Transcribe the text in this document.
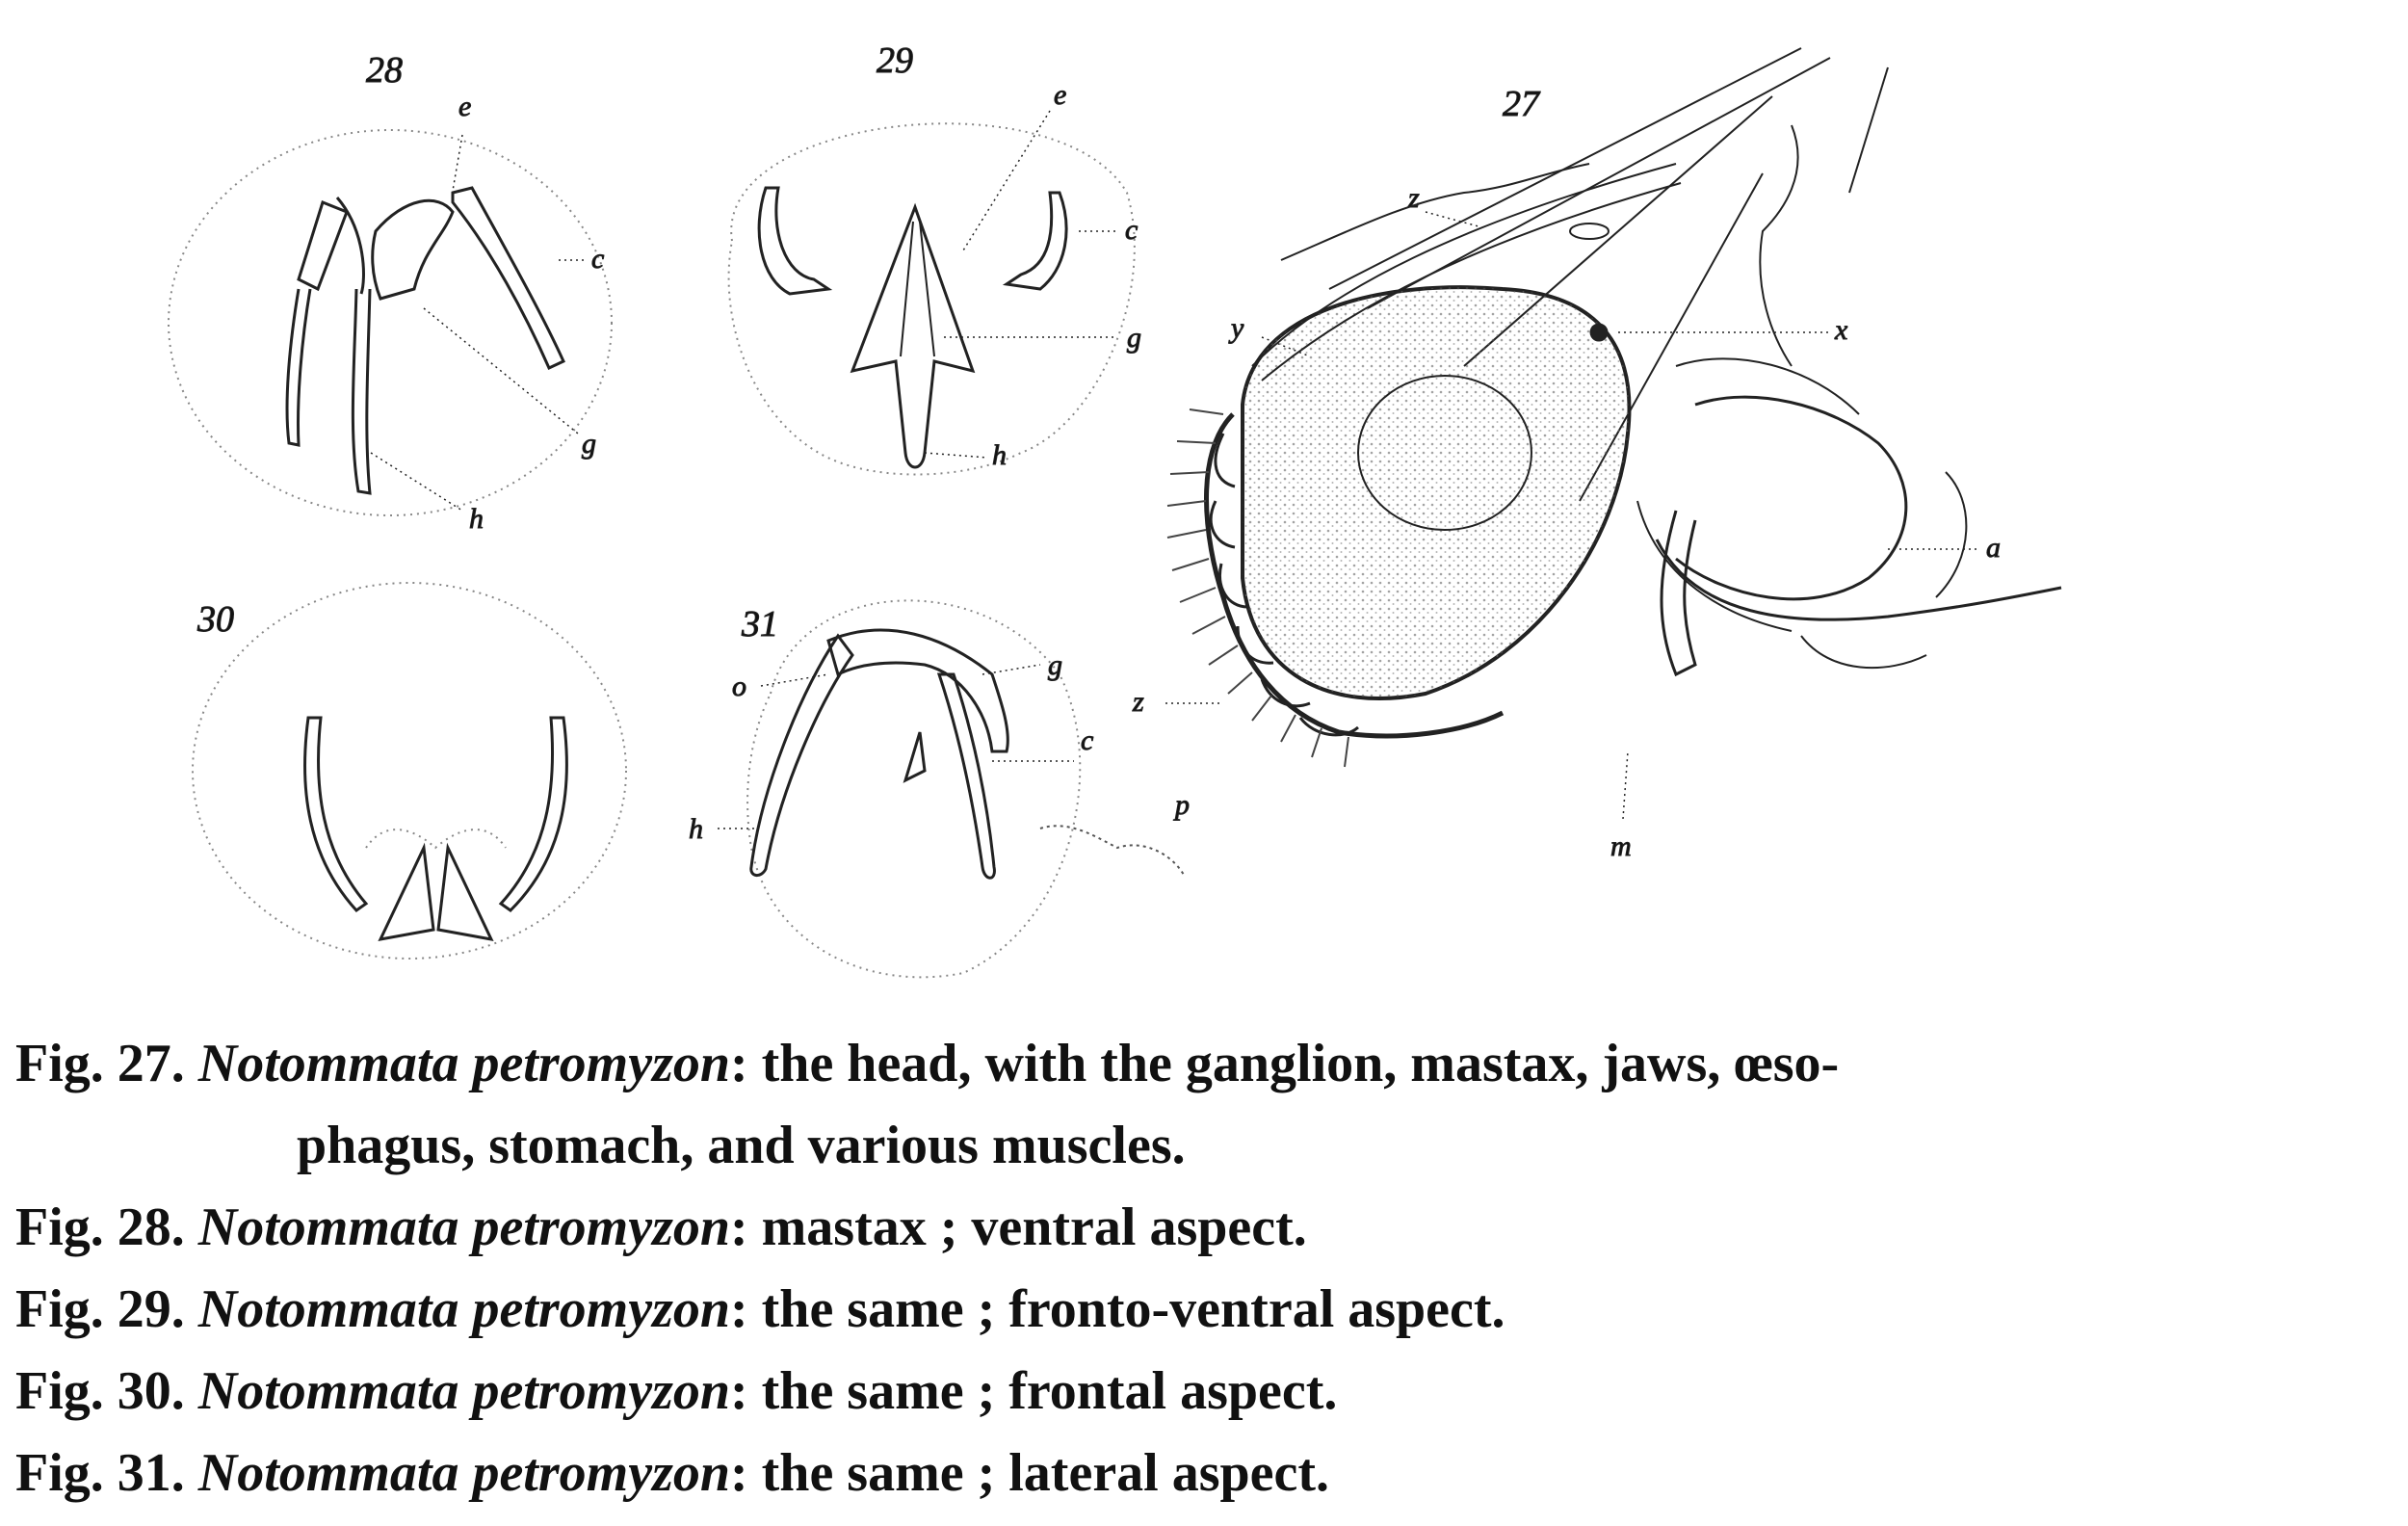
28
e
c
g
h
29
e
c
g
h
30	31
o
g
c
h
p
27
z
y	x
a
z
m
Fig. 27. Notommata petromyzon: the head, with the ganglion, mastax, jaws, œso-
phagus, stomach, and various muscles.
Fig. 28. Notommata petromyzon: mastax ; ventral aspect.
Fig. 29. Notommata petromyzon: the same ; fronto-ventral aspect.
Fig. 30. Notommata petromyzon: the same ; frontal aspect.
Fig. 31. Notommata petromyzon: the same ; lateral aspect.
